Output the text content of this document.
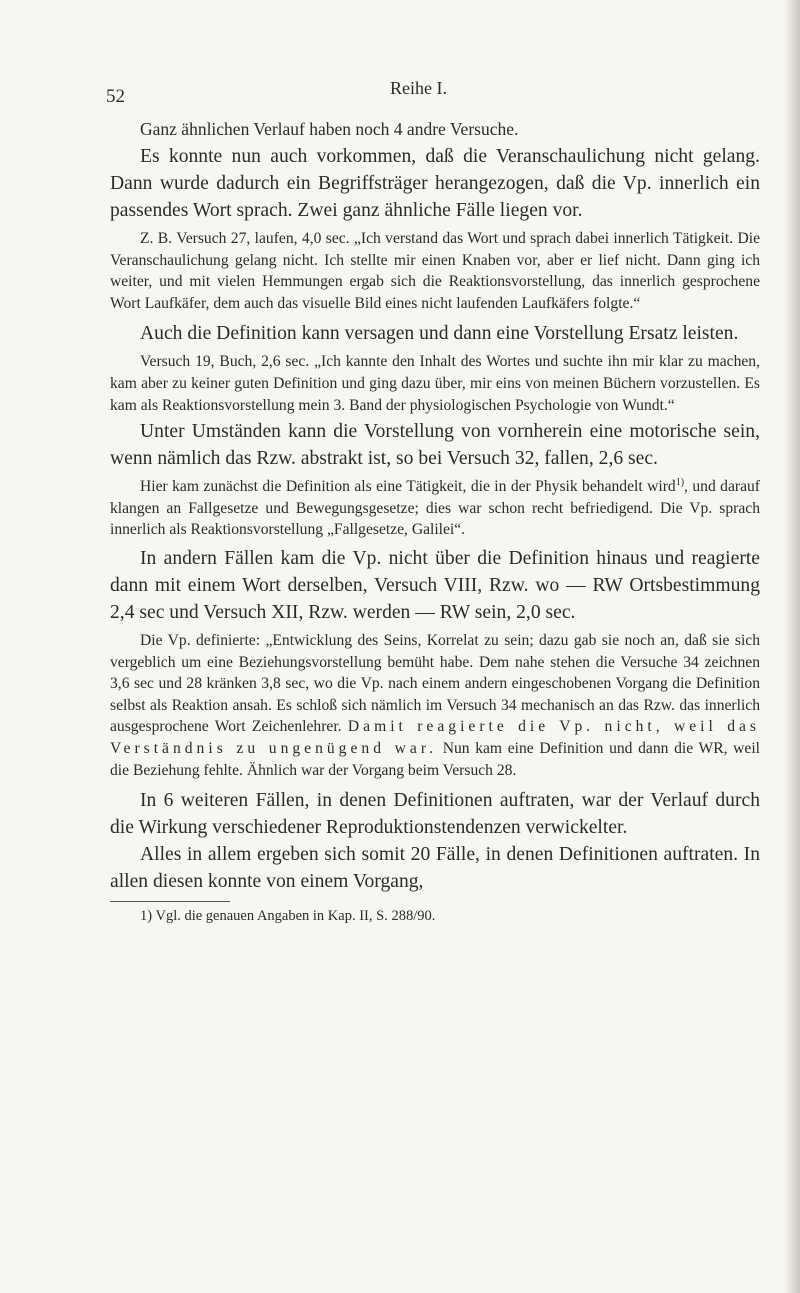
52	Reihe I.

Ganz ähnlichen Verlauf haben noch 4 andre Versuche.

Es konnte nun auch vorkommen, daß die Veranschaulichung nicht gelang. Dann wurde dadurch ein Begriffsträger herangezogen, daß die Vp. innerlich ein passendes Wort sprach. Zwei ganz ähnliche Fälle liegen vor.

Z. B. Versuch 27, laufen, 4,0 sec. „Ich verstand das Wort und sprach dabei innerlich Tätigkeit. Die Veranschaulichung gelang nicht. Ich stellte mir einen Knaben vor, aber er lief nicht. Dann ging ich weiter, und mit vielen Hemmungen ergab sich die Reaktionsvorstellung, das innerlich gesprochene Wort Laufkäfer, dem auch das visuelle Bild eines nicht laufenden Laufkäfers folgte.“

Auch die Definition kann versagen und dann eine Vorstellung Ersatz leisten.

Versuch 19, Buch, 2,6 sec. „Ich kannte den Inhalt des Wortes und suchte ihn mir klar zu machen, kam aber zu keiner guten Definition und ging dazu über, mir eins von meinen Büchern vorzustellen. Es kam als Reaktionsvorstellung mein 3. Band der physiologischen Psychologie von Wundt.“

Unter Umständen kann die Vorstellung von vornherein eine motorische sein, wenn nämlich das Rzw. abstrakt ist, so bei Versuch 32, fallen, 2,6 sec.

Hier kam zunächst die Definition als eine Tätigkeit, die in der Physik behandelt wird$^{1)}$, und darauf klangen an Fallgesetze und Bewegungsgesetze; dies war schon recht befriedigend. Die Vp. sprach innerlich als Reaktionsvorstellung „Fallgesetze, Galilei“.

In andern Fällen kam die Vp. nicht über die Definition hinaus und reagierte dann mit einem Wort derselben, Versuch VIII, Rzw. wo — RW Ortsbestimmung 2,4 sec und Versuch XII, Rzw. werden — RW sein, 2,0 sec.

Die Vp. definierte: „Entwicklung des Seins, Korrelat zu sein; dazu gab sie noch an, daß sie sich vergeblich um eine Beziehungsvorstellung bemüht habe. Dem nahe stehen die Versuche 34 zeichnen 3,6 sec und 28 kränken 3,8 sec, wo die Vp. nach einem andern eingeschobenen Vorgang die Definition selbst als Reaktion ansah. Es schloß sich nämlich im Versuch 34 mechanisch an das Rzw. das innerlich ausgesprochene Wort Zeichenlehrer. Damit reagierte die Vp. nicht, weil das Verständnis zu ungenügend war. Nun kam eine Definition und dann die WR, weil die Beziehung fehlte. Ähnlich war der Vorgang beim Versuch 28.

In 6 weiteren Fällen, in denen Definitionen auftraten, war der Verlauf durch die Wirkung verschiedener Reproduktionstendenzen verwickelter.

Alles in allem ergeben sich somit 20 Fälle, in denen Definitionen auftraten. In allen diesen konnte von einem Vorgang,

1) Vgl. die genauen Angaben in Kap. II, S. 288/90.
